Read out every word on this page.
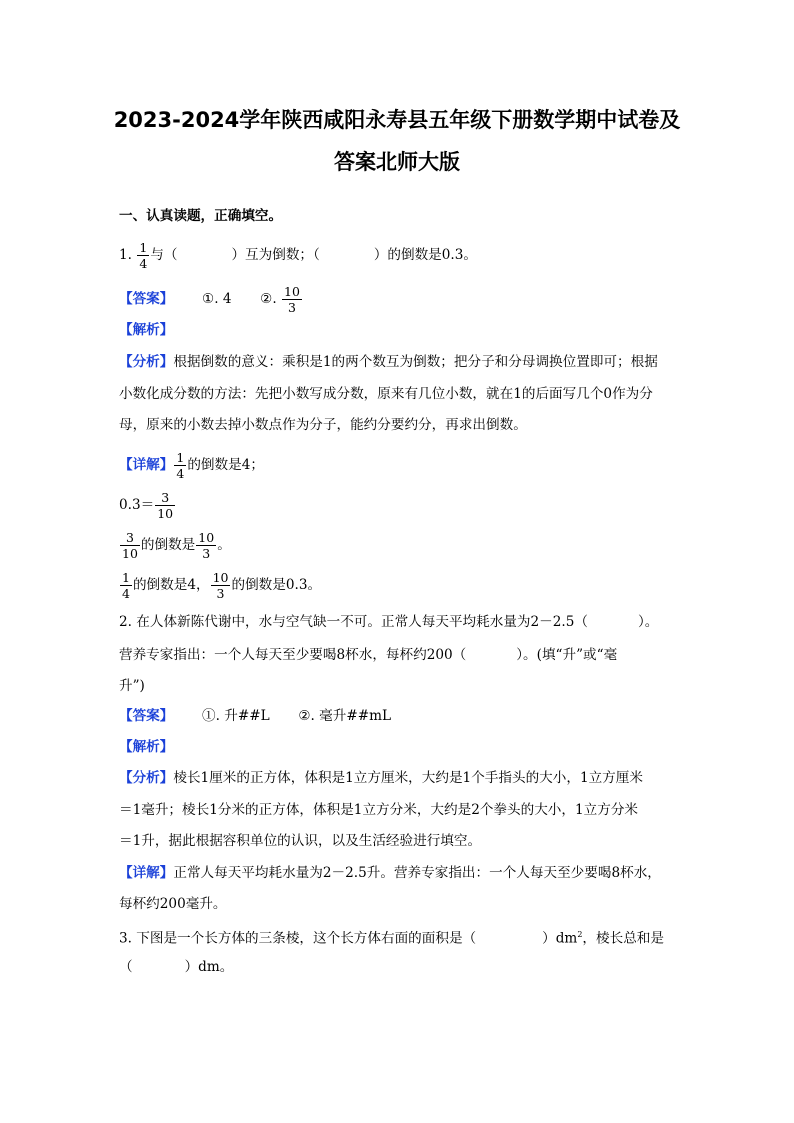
2023-2024学年陕西咸阳永寿县五年级下册数学期中试卷及
答案北师大版
一、认真读题，正确填空。
1. $\frac{1}{4}$ 与（	）互为倒数；（	）的倒数是0.3。
【答案】 ①. 4 ②. $\frac{10}{3}$
【解析】
【分析】根据倒数的意义：乘积是1的两个数互为倒数；把分子和分母调换位置即可；根据
小数化成分数的方法：先把小数写成分数，原来有几位小数，就在1的后面写几个0作为分
母，原来的小数去掉小数点作为分子，能约分要约分，再求出倒数。
【详解】 $\frac{1}{4}$ 的倒数是4；
$0.3= \frac{3}{10}$
$\frac{3}{10}$ 的倒数是 $\frac{10}{3}$ 。
$\frac{1}{4}$ 的倒数是4， $\frac{10}{3}$ 的倒数是0.3。
2. 在人体新陈代谢中，水与空气缺一不可。正常人每天平均耗水量为2－2.5（	）。
营养专家指出：一个人每天至少要喝8杯水，每杯约200（	）。(填“升”或“毫
升”)
【答案】 ①. 升##L ②. 毫升##mL
【解析】
【分析】棱长1厘米的正方体，体积是1立方厘米，大约是1个手指头的大小，1立方厘米
＝1毫升；棱长1分米的正方体，体积是1立方分米，大约是2个拳头的大小，1立方分米
＝1升，据此根据容积单位的认识，以及生活经验进行填空。
【详解】正常人每天平均耗水量为2－2.5升。营养专家指出：一个人每天至少要喝8杯水，
每杯约200毫升。
3. 下图是一个长方体的三条棱，这个长方体右面的面积是（	）$dm^2$，棱长总和是
（	）dm。
